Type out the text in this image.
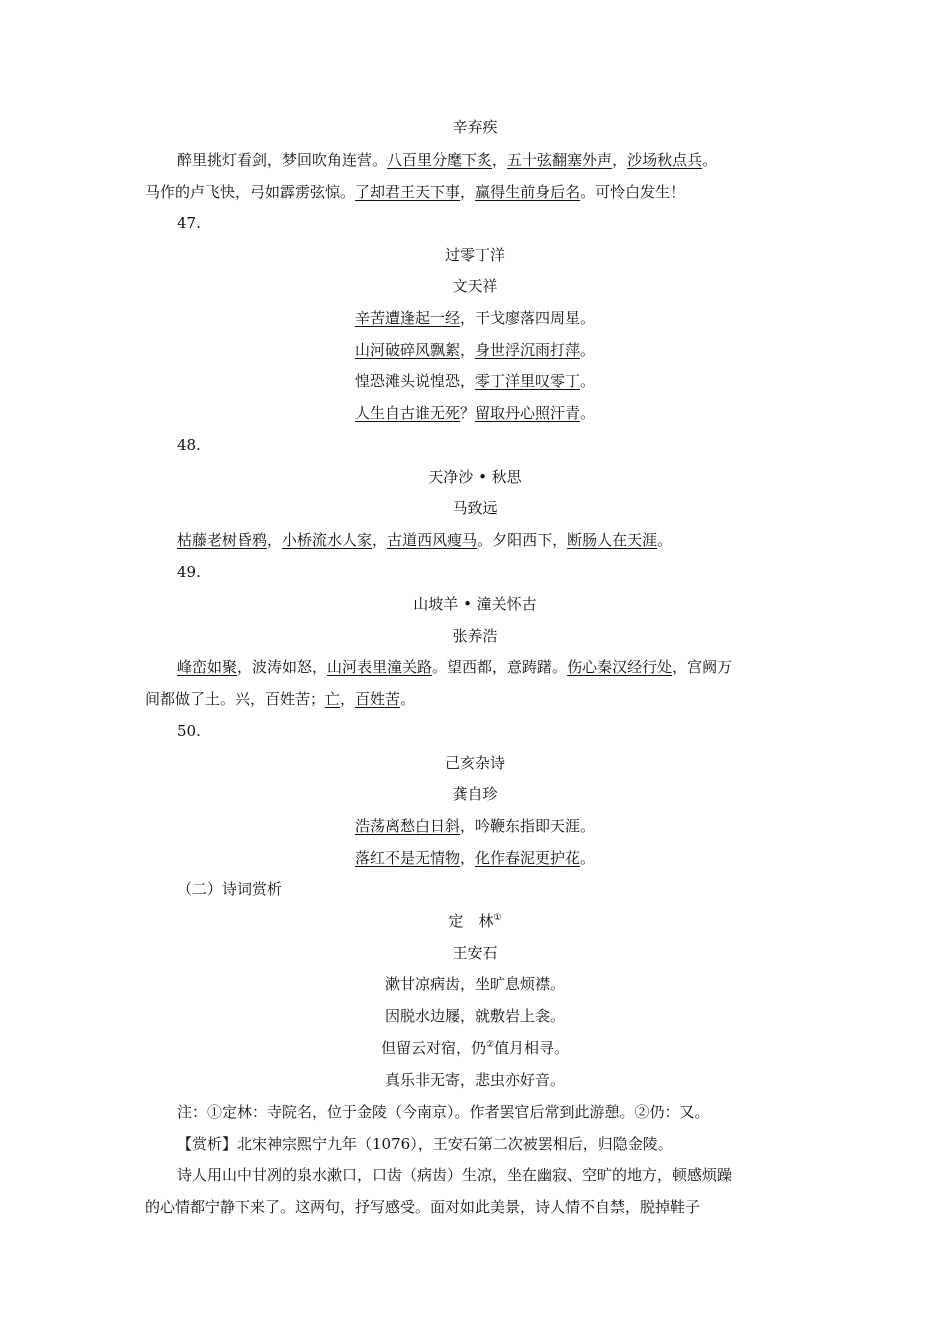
辛弃疾
醉里挑灯看剑，梦回吹角连营。八百里分麾下炙，五十弦翻塞外声，沙场秋点兵。
马作的卢飞快，弓如霹雳弦惊。了却君王天下事，赢得生前身后名。可怜白发生！
47.
过零丁洋
文天祥
辛苦遭逢起一经，干戈廖落四周星。
山河破碎风飘絮，身世浮沉雨打萍。
惶恐滩头说惶恐，零丁洋里叹零丁。
人生自古谁无死？留取丹心照汗青。
48.
天净沙 • 秋思
马致远
枯藤老树昏鸦，小桥流水人家，古道西风瘦马。夕阳西下，断肠人在天涯。
49.
山坡羊 • 潼关怀古
张养浩
峰峦如聚，波涛如怒，山河表里潼关路。望西都，意踌躇。伤心秦汉经行处，宫阙万
间都做了土。兴，百姓苦；亡，百姓苦。
50.
己亥杂诗
龚自珍
浩荡离愁白日斜，吟鞭东指即天涯。
落红不是无情物，化作春泥更护花。
（二）诗词赏析
定　林①
王安石
漱甘凉病齿，坐旷息烦襟。
因脱水边屦，就敷岩上衾。
但留云对宿，仍②值月相寻。
真乐非无寄，悲虫亦好音。
注：①定林：寺院名，位于金陵（今南京）。作者罢官后常到此游憩。②仍：又。
【赏析】北宋神宗熙宁九年（1076），王安石第二次被罢相后，归隐金陵。
诗人用山中甘冽的泉水漱口，口齿（病齿）生凉，坐在幽寂、空旷的地方，顿感烦躁
的心情都宁静下来了。这两句，抒写感受。面对如此美景，诗人情不自禁，脱掉鞋子
